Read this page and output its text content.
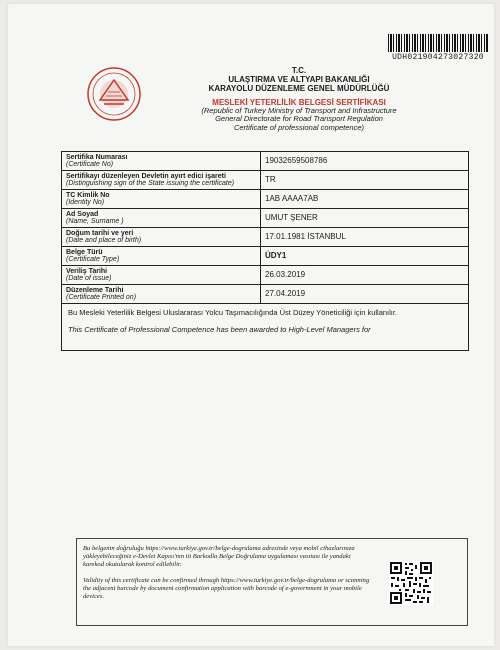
UDH021904273027320
T.C.
ULAŞTIRMA VE ALTYAPI BAKANLIĞI
KARAYOLU DÜZENLEME GENEL MÜDÜRLÜĞÜ
MESLEKİ YETERLİLİK BELGESİ SERTİFİKASI
(Republic of Turkey Ministry of Transport and Infrastructure
General Directorate for Road Transport Regulation
Certificate of professional competence)
Sertifika Numarası
(Certificate No)	19032659508786

Sertifikayı düzenleyen Devletin ayırt edici işareti
(Distinguishing sign of the State issuing the certificate)	TR

TC Kimlik No
(Identity No)	1AB AAAA7AB

Ad Soyad
(Name, Surname )	UMUT ŞENER

Doğum tarihi ve yeri
(Date and place of birth)	17.01.1981 İSTANBUL

Belge Türü
(Certificate Type)	ÜDY1

Veriliş Tarihi
(Date of issue)	26.03.2019

Düzenleme Tarihi
(Certificate Printed on)	27.04.2019

Bu Mesleki Yeterlilik Belgesi Uluslararası Yolcu Taşımacılığında Üst Düzey Yöneticiliği için kullanılır.
This Certificate of Professional Competence has been awarded to High-Level Managers for	

Bu belgenin doğruluğu https://www.turkiye.gov.tr/belge-dogrulama adresinde veya mobil cihazlarınıza yükleyebileceğiniz e-Devlet Kapısı'nın iti Barkodla Belge Doğrulama uygulaması vasıtası ile yandaki karekod okutularak kontrol edilebilir.

Validity of this certificate can be confirmed through https://www.turkiye.gov.tr/belge-dogrulama or scanning the adjacent barcode by document confirmation application with barcode of e-government in your mobile devices.
